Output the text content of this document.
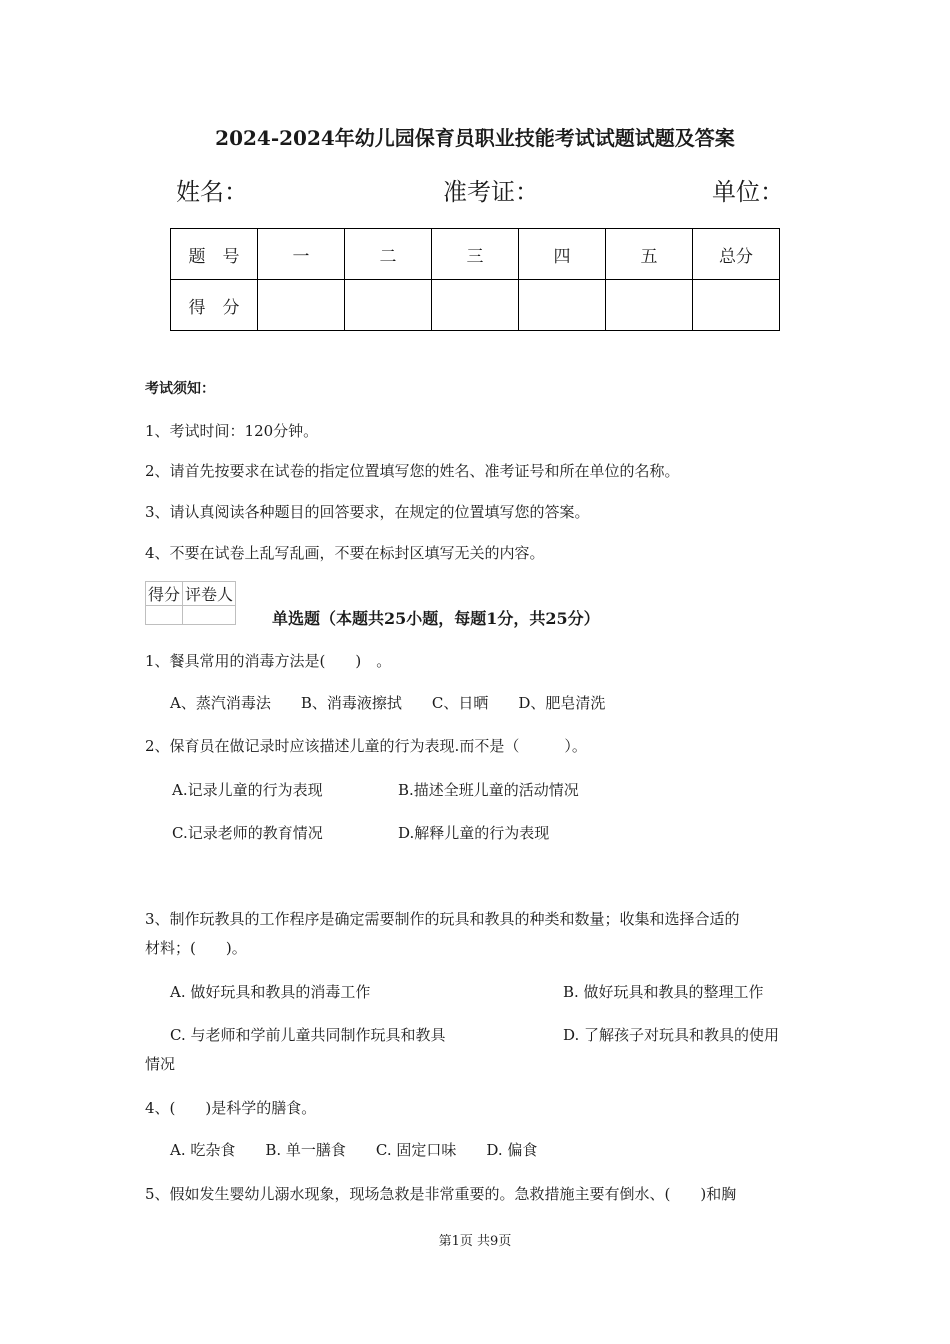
2024-2024年幼儿园保育员职业技能考试试题试题及答案
姓名：	准考证：	单位：
题　号	一	二	三	四	五	总分
得　分						
考试须知：
1、考试时间：120分钟。
2、请首先按要求在试卷的指定位置填写您的姓名、准考证号和所在单位的名称。
3、请认真阅读各种题目的回答要求，在规定的位置填写您的答案。
4、不要在试卷上乱写乱画，不要在标封区填写无关的内容。
得分	评卷人

单选题（本题共25小题，每题1分，共25分）
1、餐具常用的消毒方法是(　　)　。
A、蒸汽消毒法　　B、消毒液擦拭　　C、日晒　　D、肥皂清洗
2、保育员在做记录时应该描述儿童的行为表现.而不是（　　　）。
A.记录儿童的行为表现	B.描述全班儿童的活动情况
C.记录老师的教育情况	D.解释儿童的行为表现
3、制作玩教具的工作程序是确定需要制作的玩具和教具的种类和数量；收集和选择合适的
材料；(　　)。
A. 做好玩具和教具的消毒工作	B. 做好玩具和教具的整理工作
C. 与老师和学前儿童共同制作玩具和教具	D. 了解孩子对玩具和教具的使用
情况
4、(　　)是科学的膳食。
A. 吃杂食　　B. 单一膳食　　C. 固定口味　　D. 偏食
5、假如发生婴幼儿溺水现象，现场急救是非常重要的。急救措施主要有倒水、(　　)和胸
第1页 共9页
